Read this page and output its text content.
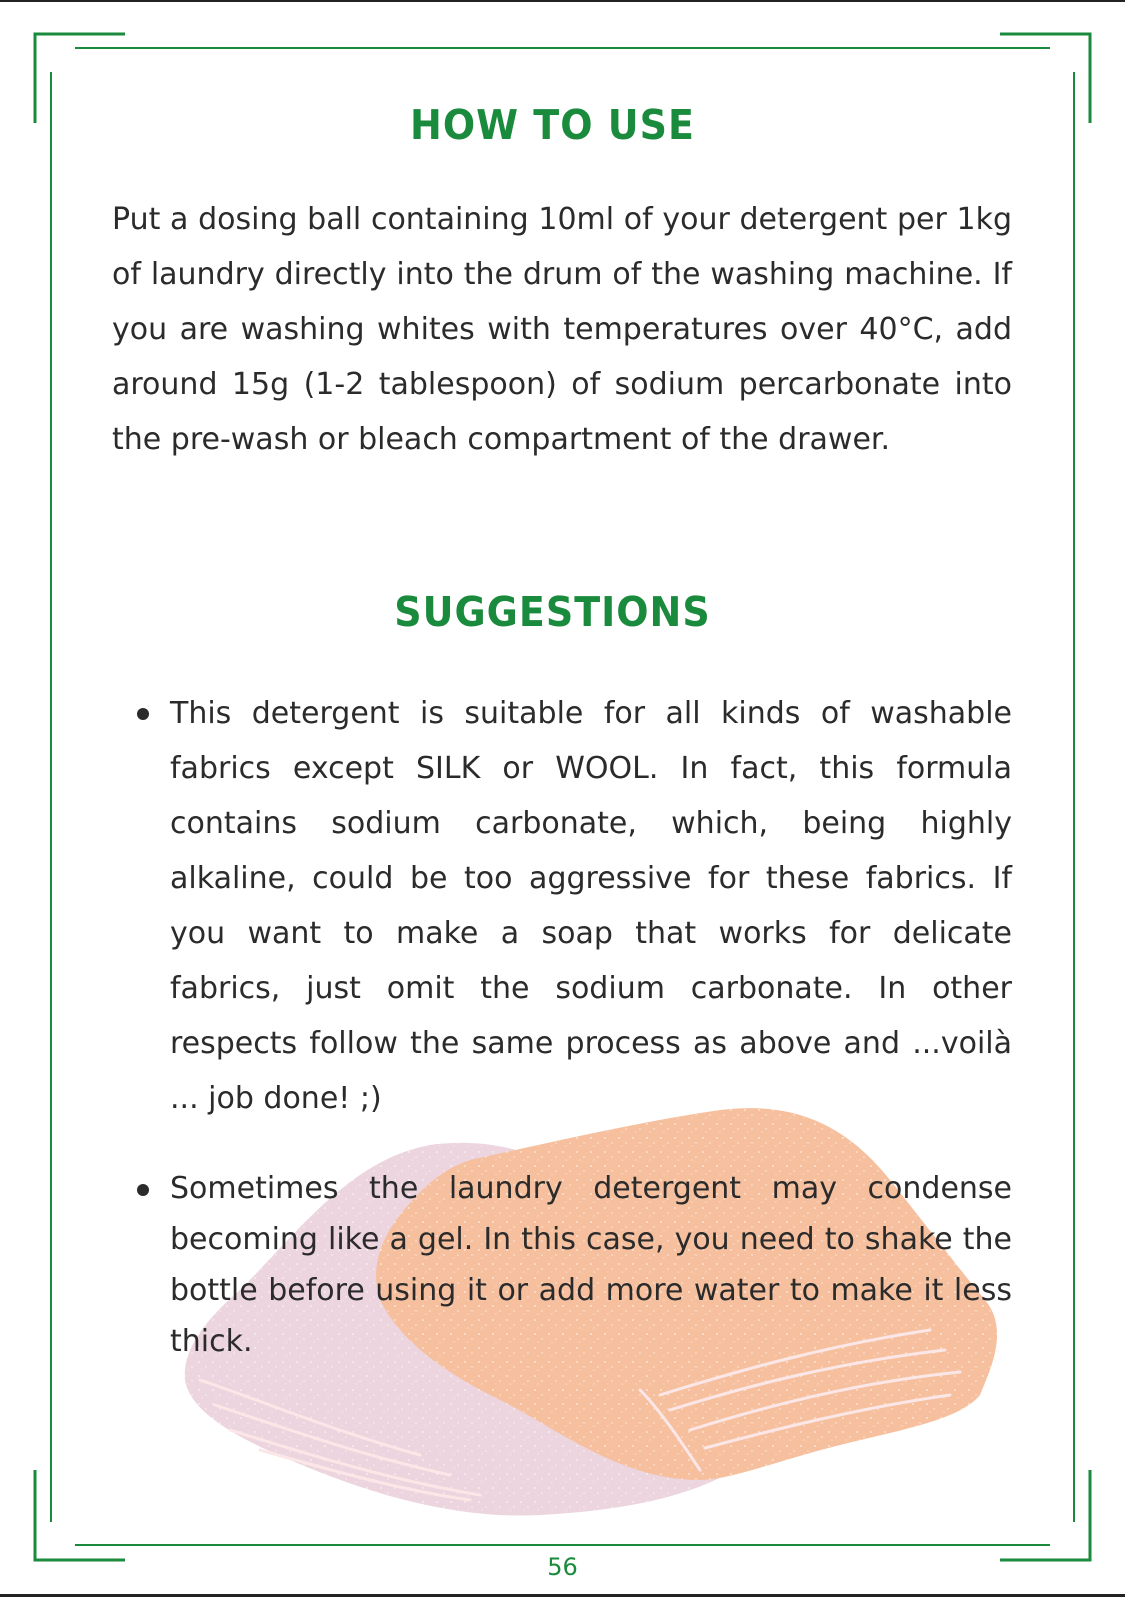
HOW TO USE

Put a dosing ball containing 10ml of your detergent per 1kg of laundry directly into the drum of the washing machine. If you are washing whites with temperatures over 40°C, add around 15g (1-2 tablespoon) of sodium percarbonate into the pre-wash or bleach compartment of the drawer.

SUGGESTIONS
This detergent is suitable for all kinds of washable fabrics except SILK or WOOL. In fact, this formula contains sodium carbonate, which, being highly alkaline, could be too aggressive for these fabrics. If you want to make a soap that works for delicate fabrics, just omit the sodium carbonate. In other respects follow the same process as above and ...voilà ... job done! ;)
Sometimes the laundry detergent may condense becoming like a gel. In this case, you need to shake the bottle before using it or add more water to make it less thick.

56
